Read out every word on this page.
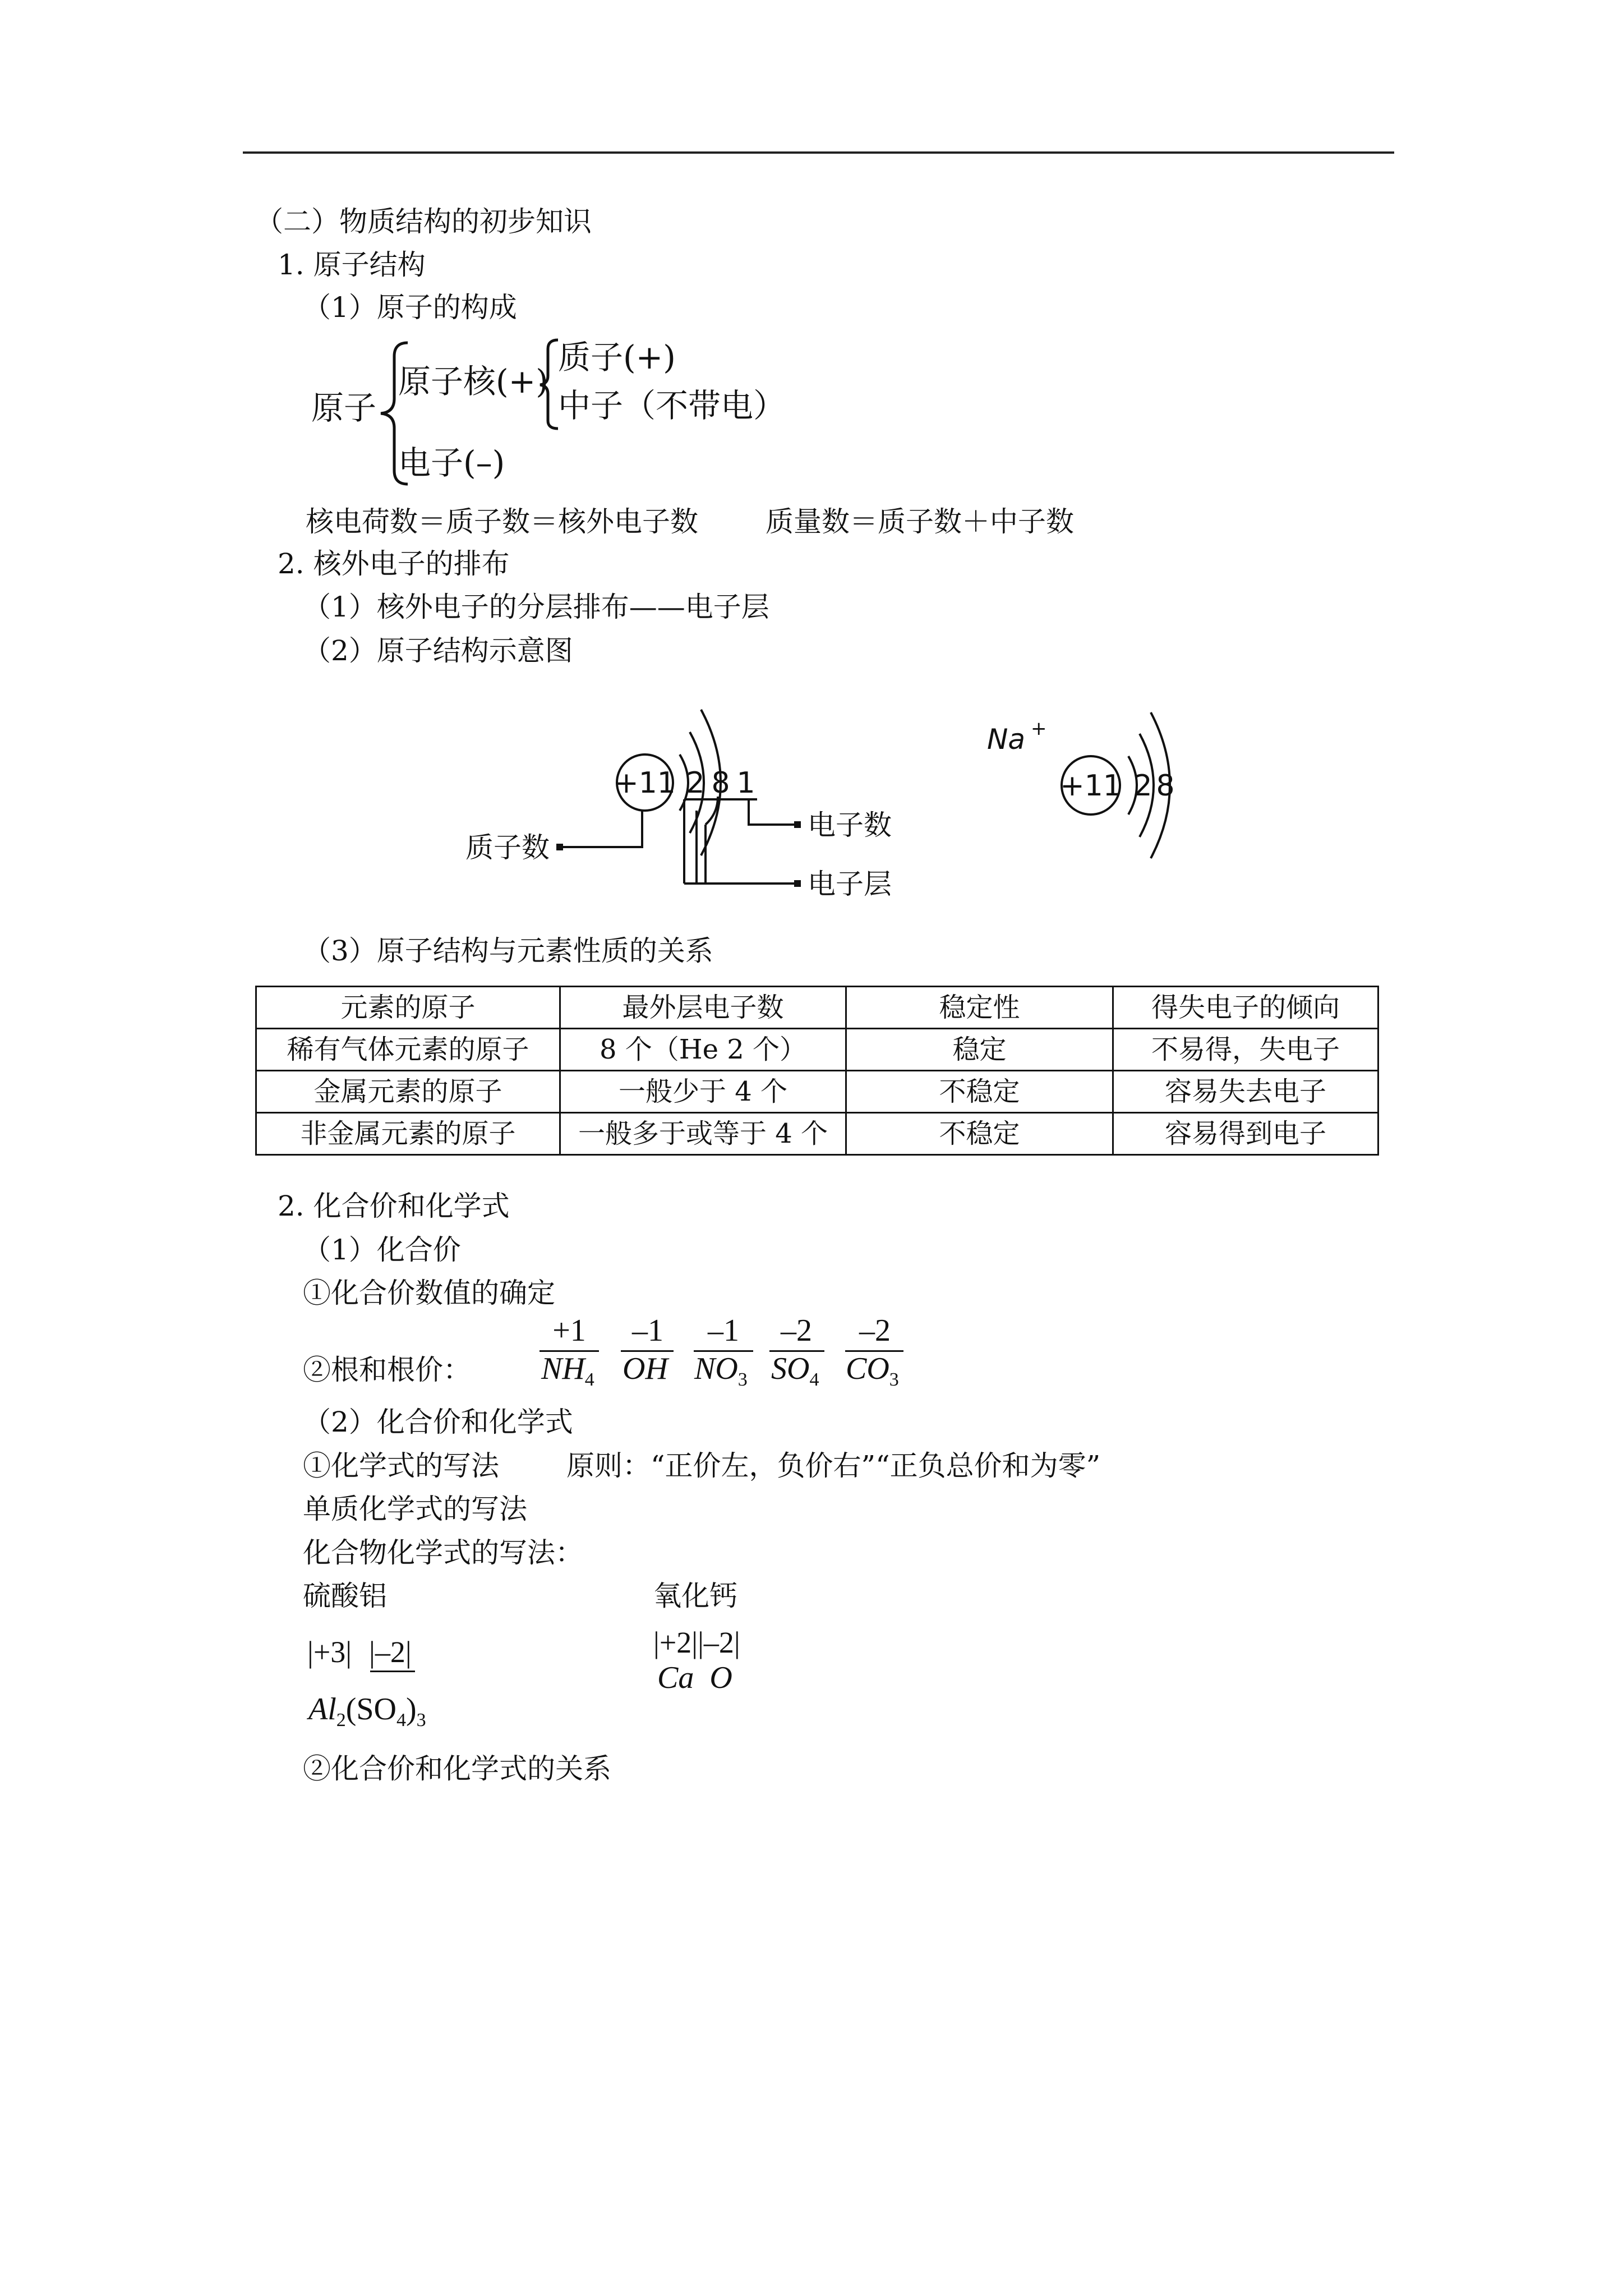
（二）物质结构的初步知识
1. 原子结构
（1）原子的构成
原子
原子核(+)
质子(+)
中子（不带电）
电子(–)
核电荷数＝质子数＝核外电子数 质量数＝质子数＋中子数
2. 核外电子的排布
（1）核外电子的分层排布——电子层
（2）原子结构示意图
+11 2 8 1
质子数
电子数
电子层
Na +
+11 2 8
（3）原子结构与元素性质的关系
元素的原子	最外层电子数	稳定性	得失电子的倾向
稀有气体元素的原子	8 个（He 2 个）	稳定	不易得，失电子
金属元素的原子	一般少于 4 个	不稳定	容易失去电子
非金属元素的原子	一般多于或等于 4 个	不稳定	容易得到电子
2. 化合价和化学式
（1）化合价
①化合价数值的确定
②根和根价：
+1
$NH_4$
–1
OH
–1
$NO_3$
–2
$SO_4$
–2
$CO_3$
（2）化合价和化学式
①化学式的写法 原则：“正价左，负价右”“正负总价和为零”
单质化学式的写法
化合物化学式的写法：
硫酸铝	氧化钙
|+3| |–2|
$Al_2(SO_4)_3$
|+2||–2|
Ca O
②化合价和化学式的关系
